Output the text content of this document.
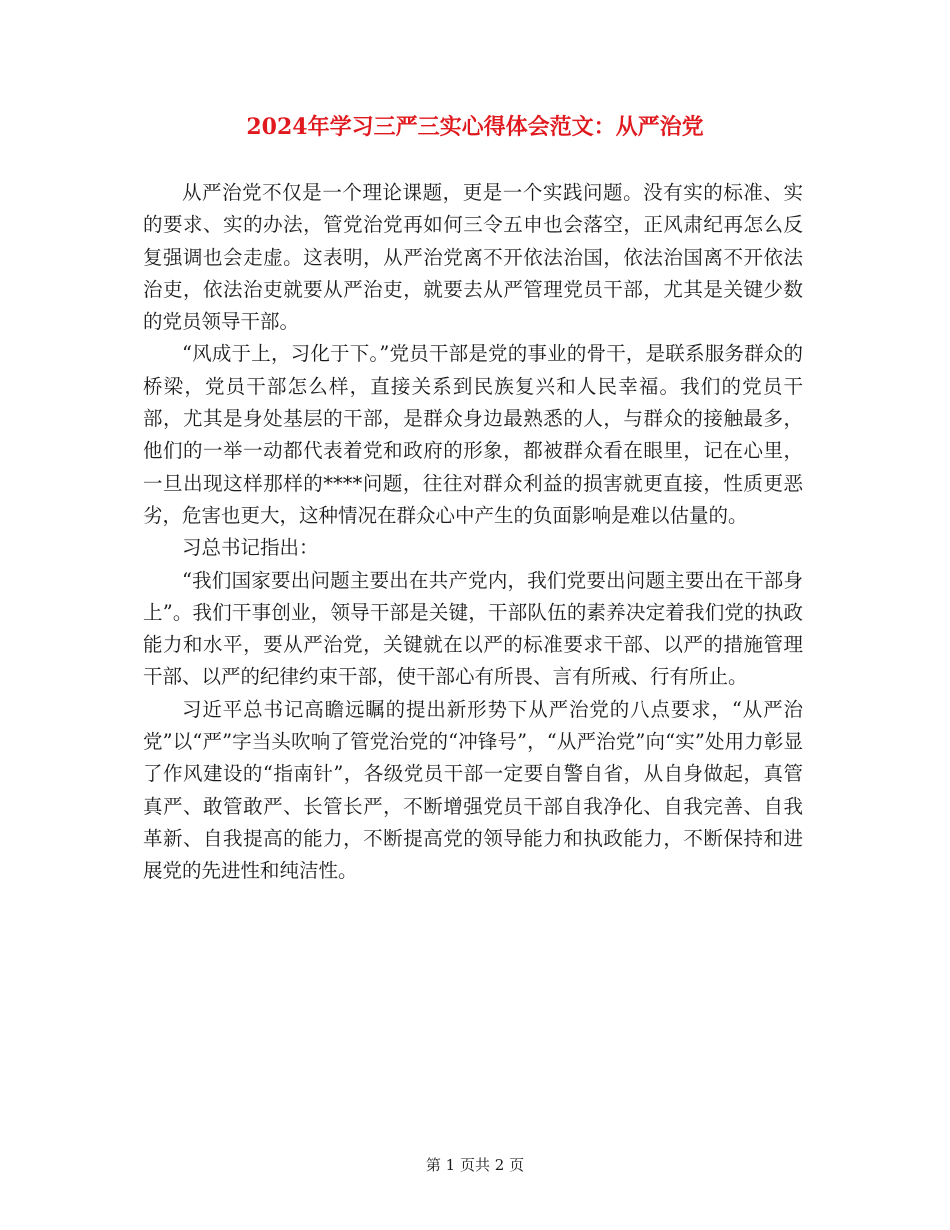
2024年学习三严三实心得体会范文：从严治党

从严治党不仅是一个理论课题，更是一个实践问题。没有实的标准、实的要求、实的办法，管党治党再如何三令五申也会落空，正风肃纪再怎么反复强调也会走虚。这表明，从严治党离不开依法治国，依法治国离不开依法治吏，依法治吏就要从严治吏，就要去从严管理党员干部，尤其是关键少数的党员领导干部。

“风成于上，习化于下。”党员干部是党的事业的骨干，是联系服务群众的桥梁，党员干部怎么样，直接关系到民族复兴和人民幸福。我们的党员干部，尤其是身处基层的干部，是群众身边最熟悉的人，与群众的接触最多，他们的一举一动都代表着党和政府的形象，都被群众看在眼里，记在心里，一旦出现这样那样的****问题，往往对群众利益的损害就更直接，性质更恶劣，危害也更大，这种情况在群众心中产生的负面影响是难以估量的。

习总书记指出：

“我们国家要出问题主要出在共产党内，我们党要出问题主要出在干部身上”。我们干事创业，领导干部是关键，干部队伍的素养决定着我们党的执政能力和水平，要从严治党，关键就在以严的标准要求干部、以严的措施管理干部、以严的纪律约束干部，使干部心有所畏、言有所戒、行有所止。

习近平总书记高瞻远瞩的提出新形势下从严治党的八点要求，“从严治党”以“严”字当头吹响了管党治党的“冲锋号”，“从严治党”向“实”处用力彰显了作风建设的“指南针”，各级党员干部一定要自警自省，从自身做起，真管真严、敢管敢严、长管长严，不断增强党员干部自我净化、自我完善、自我革新、自我提高的能力，不断提高党的领导能力和执政能力，不断保持和进展党的先进性和纯洁性。

第 1 页共 2 页
